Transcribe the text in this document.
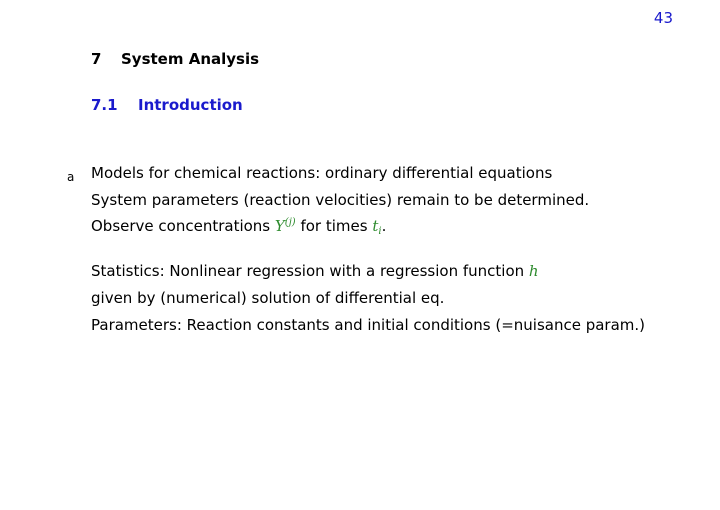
43
7 System Analysis
7.1 Introduction
a Models for chemical reactions: ordinary differential equations
System parameters (reaction velocities) remain to be determined.
Observe concentrations $Y^{(j)}$ for times $t_i$.
Statistics: Nonlinear regression with a regression function h
given by (numerical) solution of differential eq.
Parameters: Reaction constants and initial conditions (=nuisance param.)
